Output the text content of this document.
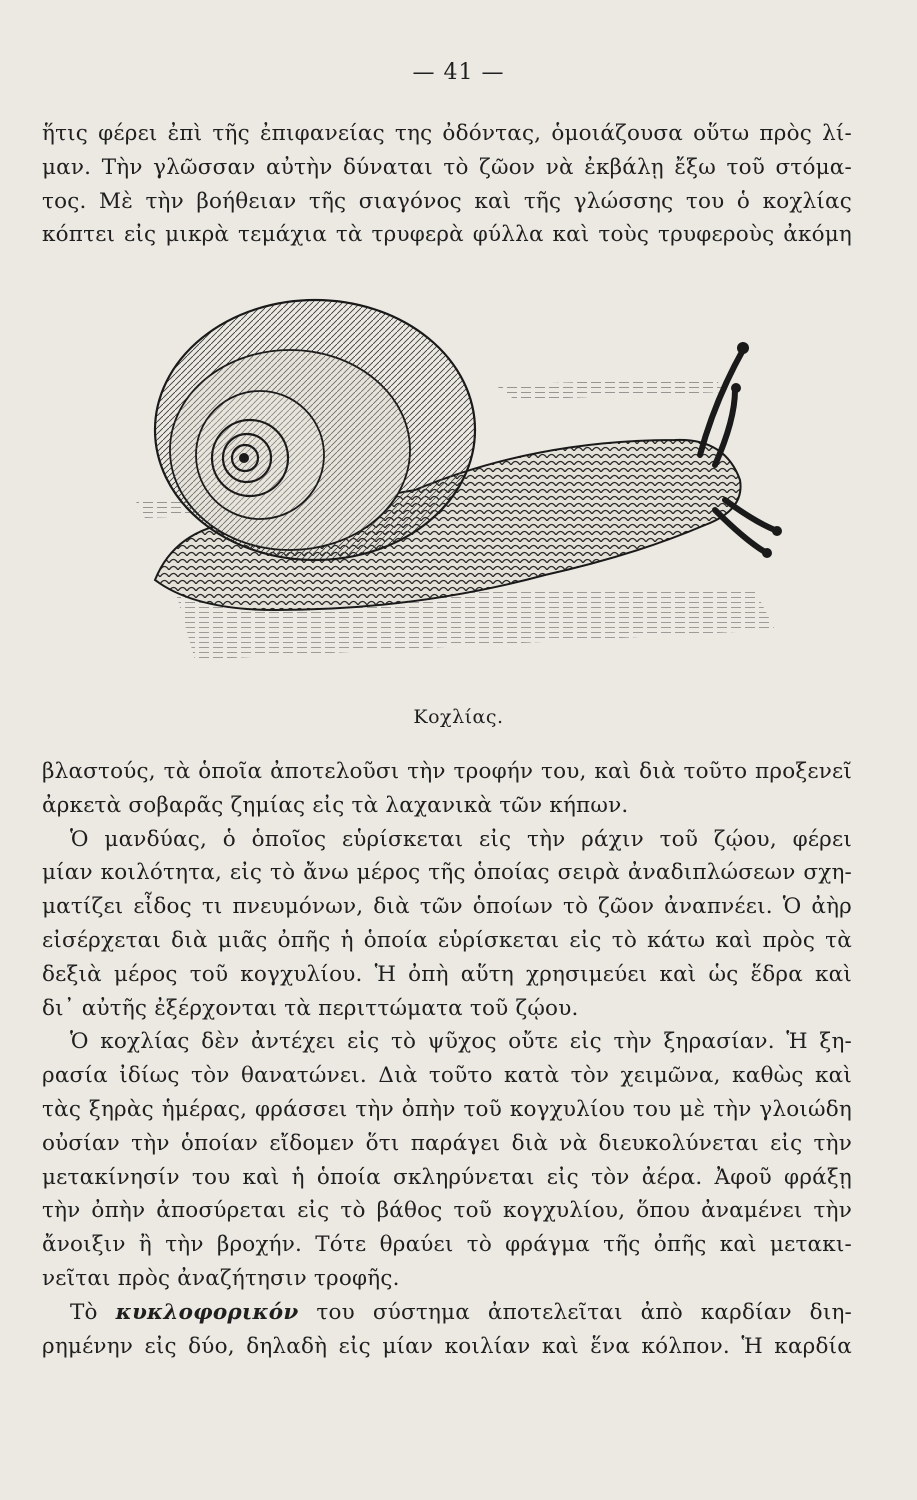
— 41 —
ἥτις φέρει ἐπὶ τῆς ἐπιφανείας της ὀδόντας, ὁμοιάζουσα οὕτω πρὸς λί-
μαν. Τὴν γλῶσσαν αὐτὴν δύναται τὸ ζῶον νὰ ἐκβάλῃ ἔξω τοῦ στόμα-
τος. Μὲ τὴν βοήθειαν τῆς σιαγόνος καὶ τῆς γλώσσης του ὁ κοχλίας
κόπτει εἰς μικρὰ τεμάχια τὰ τρυφερὰ φύλλα καὶ τοὺς τρυφεροὺς ἀκόμη
Κοχλίας.
βλαστούς, τὰ ὁποῖα ἀποτελοῦσι τὴν τροφήν του, καὶ διὰ τοῦτο προξενεῖ
ἀρκετὰ σοβαρᾶς ζημίας εἰς τὰ λαχανικὰ τῶν κήπων.
Ὁ μανδύας, ὁ ὁποῖος εὑρίσκεται εἰς τὴν ράχιν τοῦ ζῴου, φέρει
μίαν κοιλότητα, εἰς τὸ ἄνω μέρος τῆς ὁποίας σειρὰ ἀναδιπλώσεων σχη-
ματίζει εἶδος τι πνευμόνων, διὰ τῶν ὁποίων τὸ ζῶον ἀναπνέει. Ὁ ἀὴρ
εἰσέρχεται διὰ μιᾶς ὀπῆς ἡ ὁποία εὑρίσκεται εἰς τὸ κάτω καὶ πρὸς τὰ
δεξιὰ μέρος τοῦ κογχυλίου. Ἡ ὀπὴ αὕτη χρησιμεύει καὶ ὡς ἕδρα καὶ
δι᾿ αὐτῆς ἐξέρχονται τὰ περιττώματα τοῦ ζῴου.
Ὁ κοχλίας δὲν ἀντέχει εἰς τὸ ψῦχος οὔτε εἰς τὴν ξηρασίαν. Ἡ ξη-
ρασία ἰδίως τὸν θανατώνει. Διὰ τοῦτο κατὰ τὸν χειμῶνα, καθὼς καὶ
τὰς ξηρὰς ἡμέρας, φράσσει τὴν ὀπὴν τοῦ κογχυλίου του μὲ τὴν γλοιώδη
οὐσίαν τὴν ὁποίαν εἴδομεν ὅτι παράγει διὰ νὰ διευκολύνεται εἰς τὴν
μετακίνησίν του καὶ ἡ ὁποία σκληρύνεται εἰς τὸν ἀέρα. Ἀφοῦ φράξῃ
τὴν ὀπὴν ἀποσύρεται εἰς τὸ βάθος τοῦ κογχυλίου, ὅπου ἀναμένει τὴν
ἄνοιξιν ἢ τὴν βροχήν. Τότε θραύει τὸ φράγμα τῆς ὀπῆς καὶ μετακι-
νεῖται πρὸς ἀναζήτησιν τροφῆς.
Τὸ κυκλοφορικόν του σύστημα ἀποτελεῖται ἀπὸ καρδίαν διη-
ρημένην εἰς δύο, δηλαδὴ εἰς μίαν κοιλίαν καὶ ἕνα κόλπον. Ἡ καρδία
